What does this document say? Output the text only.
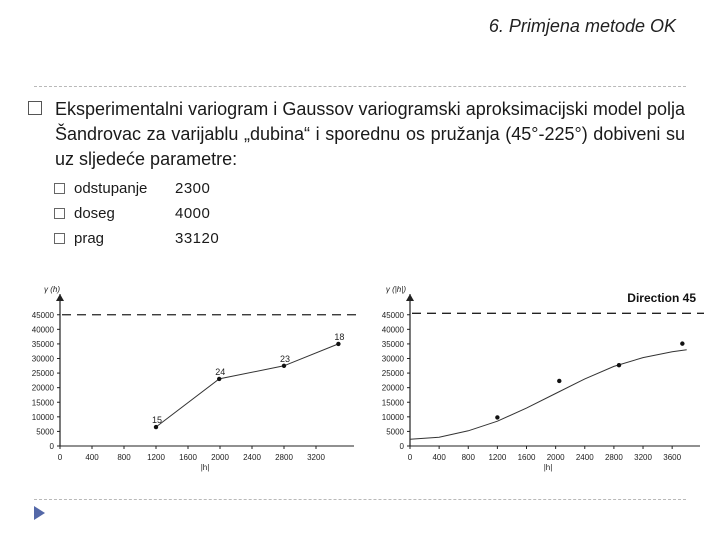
6. Primjena metode OK
Eksperimentalni variogram i Gaussov variogramski aproksimacijski model polja Šandrovac za varijablu „dubina“ i sporednu os pružanja (45°-225°) dobiveni su uz sljedeće parametre:
odstupanje 2300
doseg	4000
prag	33120
0
5000
10000
15000
20000
25000
30000
35000
40000
45000
0	400 800 1200 1600 2000 2400 2800 3200
γ (h)
|h|
15
24
23
18
0
5000
10000
15000
20000
25000
30000
35000
40000
45000
0	400 800 1200 1600 2000 2400 2800 3200 3600
γ (|h|)
|h|
Direction 45
